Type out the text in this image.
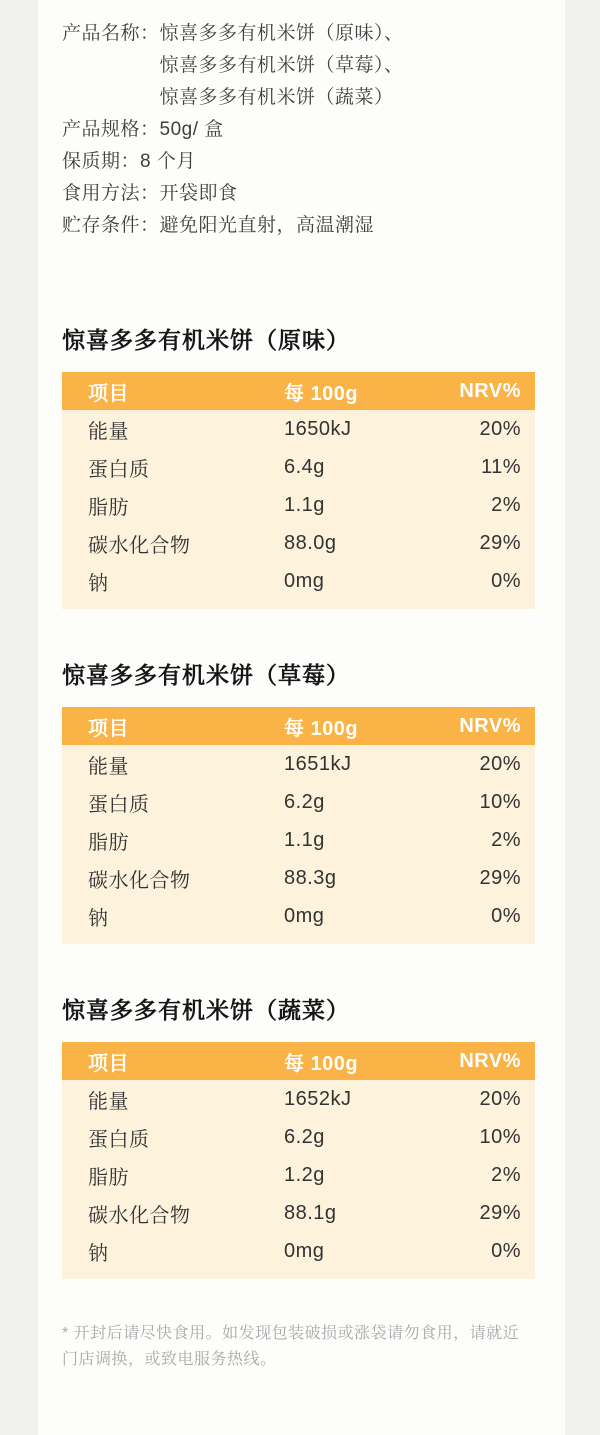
产品名称： 惊喜多多有机米饼（原味）、
惊喜多多有机米饼（草莓）、
惊喜多多有机米饼（蔬菜）
产品规格： 50g/ 盒
保质期： 8 个月
食用方法： 开袋即食
贮存条件： 避免阳光直射，高温潮湿
惊喜多多有机米饼（原味）
项目	每 100g	NRV%
能量	1650kJ	20%
蛋白质	6.4g	11%
脂肪	1.1g	2%
碳水化合物	88.0g	29%
钠	0mg	0%
惊喜多多有机米饼（草莓）
项目	每 100g	NRV%
能量	1651kJ	20%
蛋白质	6.2g	10%
脂肪	1.1g	2%
碳水化合物	88.3g	29%
钠	0mg	0%
惊喜多多有机米饼（蔬菜）
项目	每 100g	NRV%
能量	1652kJ	20%
蛋白质	6.2g	10%
脂肪	1.2g	2%
碳水化合物	88.1g	29%
钠	0mg	0%

* 开封后请尽快食用。如发现包装破损或涨袋请勿食用，请就近门店调换，或致电服务热线。
